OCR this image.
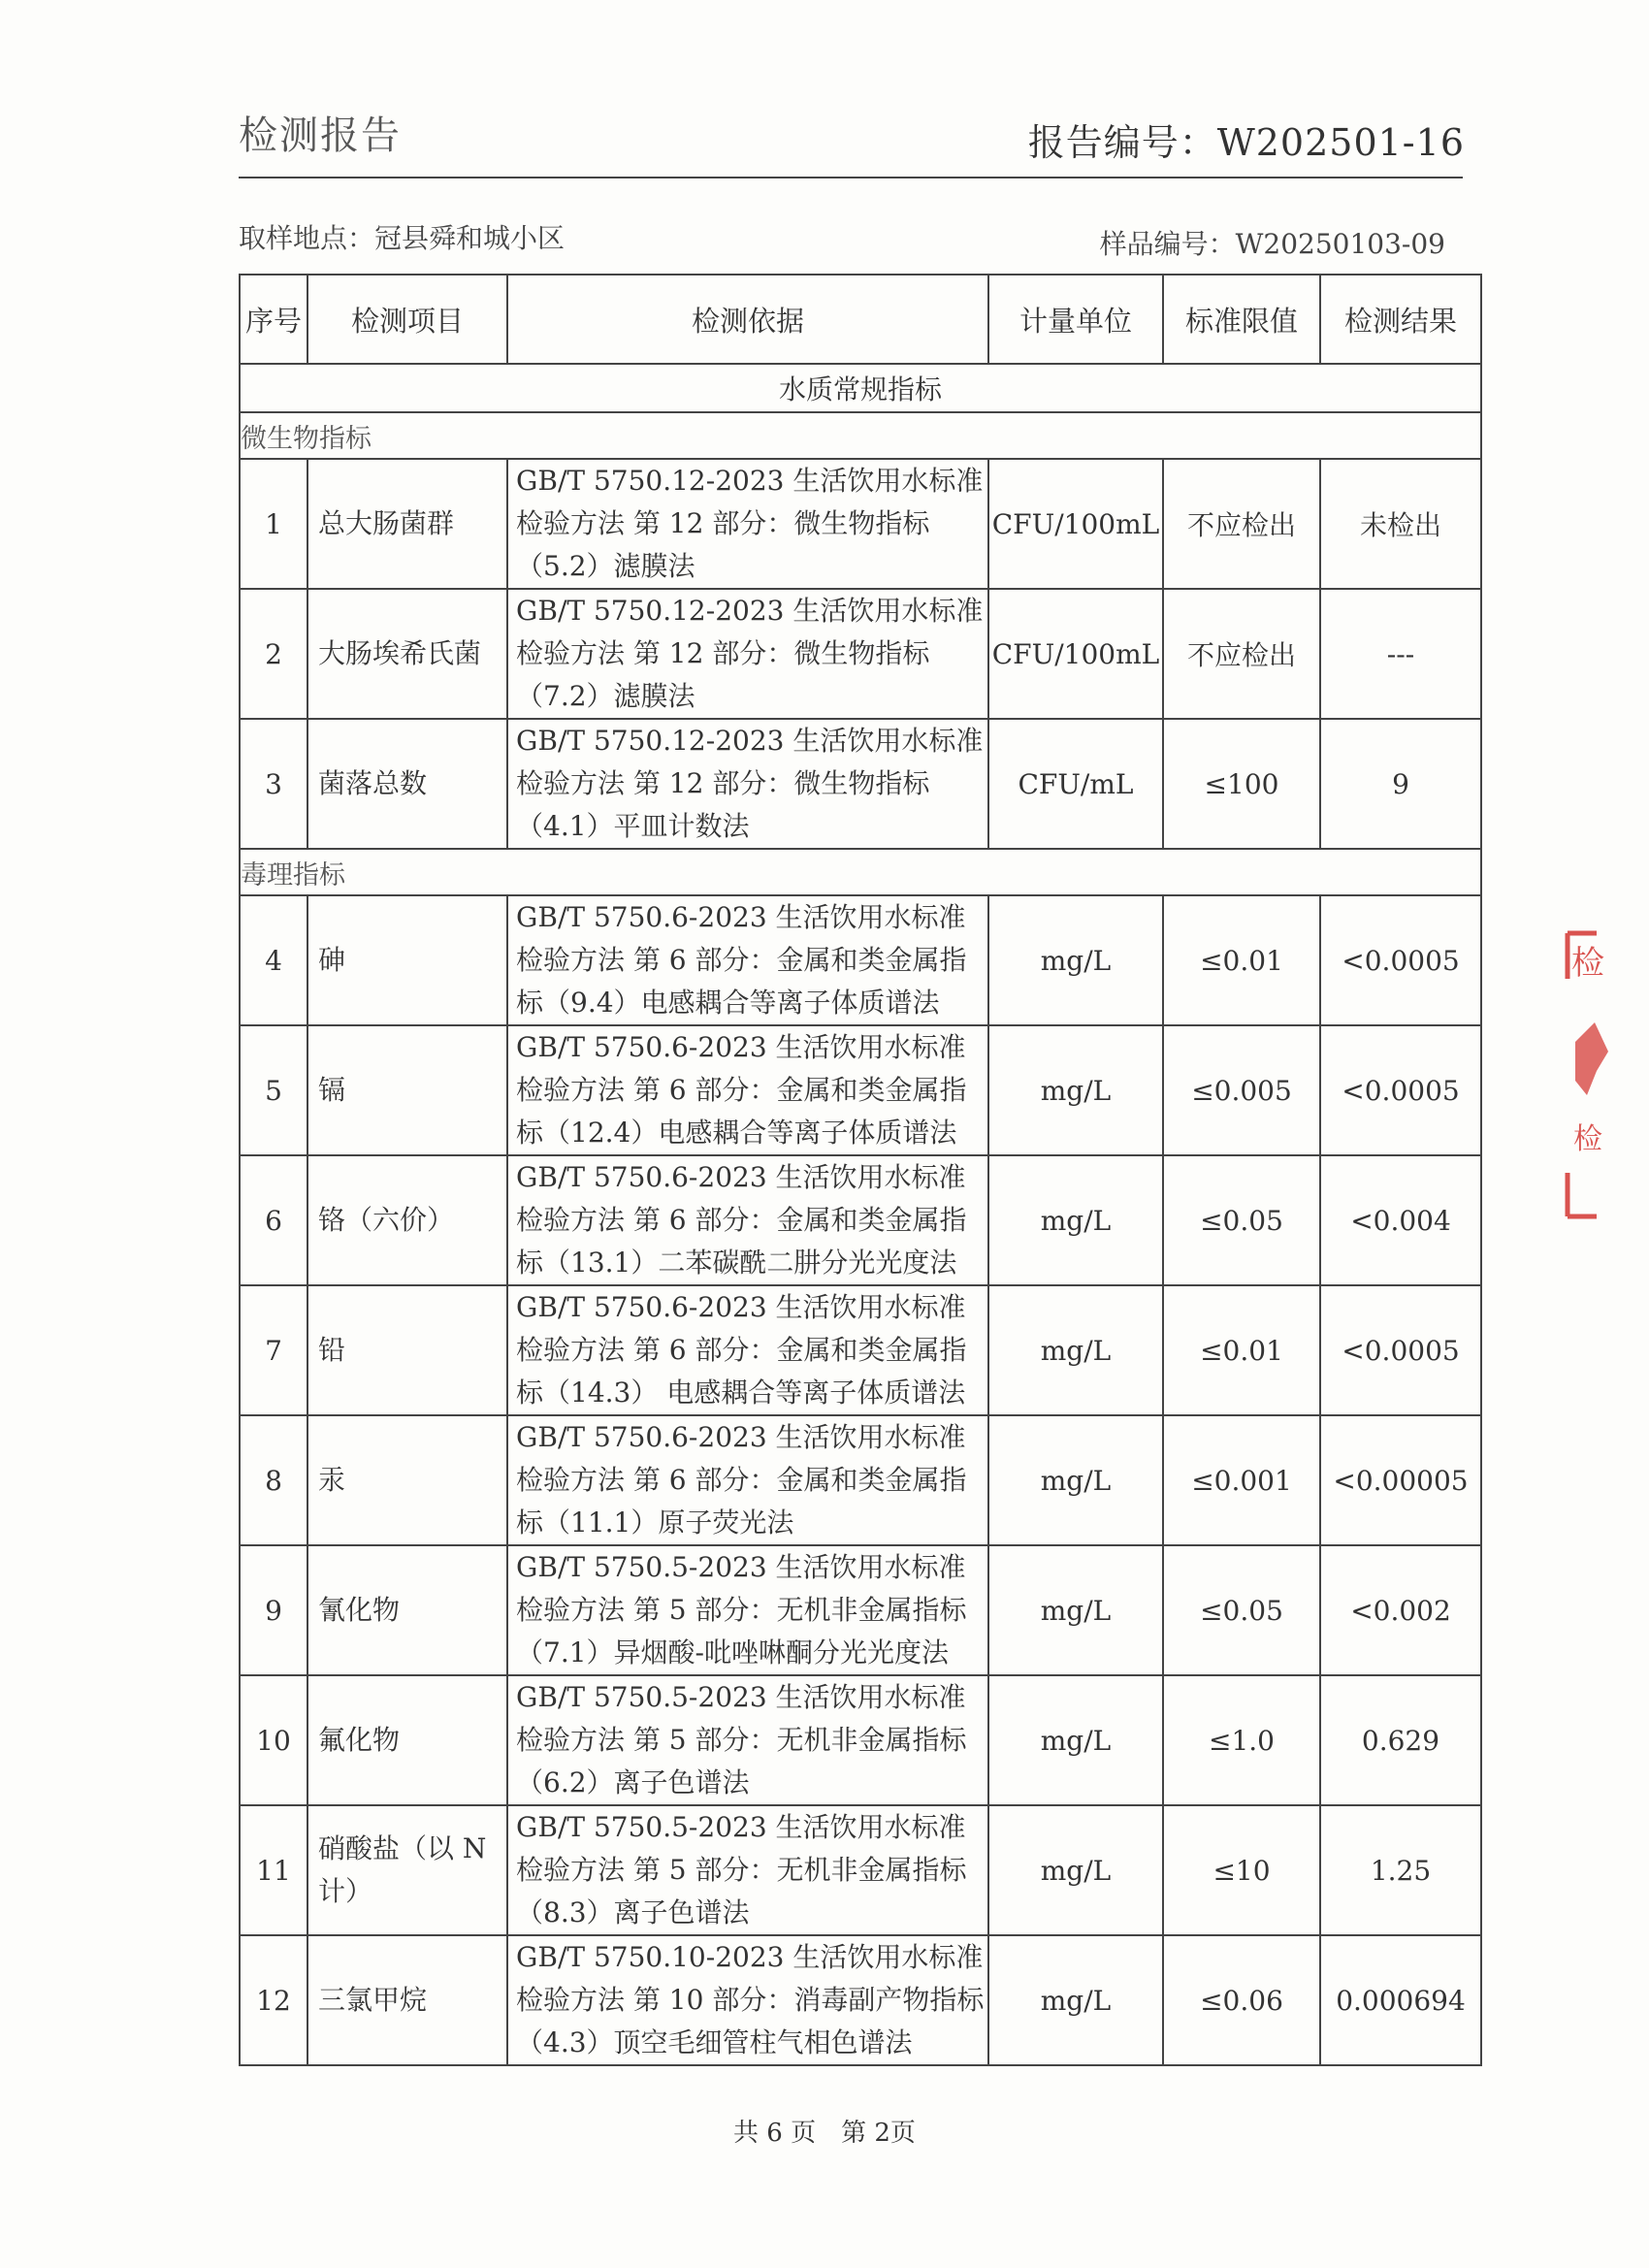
检测报告	报告编号：W202501-16
取样地点：冠县舜和城小区	样品编号：W20250103-09
序号	检测项目	检测依据	计量单位	标准限值	检测结果
水质常规指标					
微生物指标					
1	总大肠菌群	GB/T 5750.12-2023 生活饮用水标准检验方法 第 12 部分：微生物指标（5.2）滤膜法	CFU/100mL	不应检出	未检出
2	大肠埃希氏菌	GB/T 5750.12-2023 生活饮用水标准检验方法 第 12 部分：微生物指标（7.2）滤膜法	CFU/100mL	不应检出	---
3	菌落总数	GB/T 5750.12-2023 生活饮用水标准检验方法 第 12 部分：微生物指标（4.1）平皿计数法	CFU/mL	≤100	9
毒理指标					
4	砷	GB/T 5750.6-2023 生活饮用水标准检验方法 第 6 部分：金属和类金属指标（9.4）电感耦合等离子体质谱法	mg/L	≤0.01	<0.0005
5	镉	GB/T 5750.6-2023 生活饮用水标准检验方法 第 6 部分：金属和类金属指标（12.4）电感耦合等离子体质谱法	mg/L	≤0.005	<0.0005
6	铬（六价）	GB/T 5750.6-2023 生活饮用水标准检验方法 第 6 部分：金属和类金属指标（13.1）二苯碳酰二肼分光光度法	mg/L	≤0.05	<0.004
7	铅	GB/T 5750.6-2023 生活饮用水标准检验方法 第 6 部分：金属和类金属指标（14.3） 电感耦合等离子体质谱法	mg/L	≤0.01	<0.0005
8	汞	GB/T 5750.6-2023 生活饮用水标准检验方法 第 6 部分：金属和类金属指标（11.1）原子荧光法	mg/L	≤0.001	<0.00005
9	氰化物	GB/T 5750.5-2023 生活饮用水标准检验方法 第 5 部分：无机非金属指标（7.1）异烟酸-吡唑啉酮分光光度法	mg/L	≤0.05	<0.002
10	氟化物	GB/T 5750.5-2023 生活饮用水标准检验方法 第 5 部分：无机非金属指标（6.2）离子色谱法	mg/L	≤1.0	0.629
11	硝酸盐（以 N 计）	GB/T 5750.5-2023 生活饮用水标准检验方法 第 5 部分：无机非金属指标（8.3）离子色谱法	mg/L	≤10	1.25
12	三氯甲烷	GB/T 5750.10-2023 生活饮用水标准检验方法 第 10 部分：消毒副产物指标（4.3）顶空毛细管柱气相色谱法	mg/L	≤0.06	0.000694
共 6 页　第 2页
检
检
